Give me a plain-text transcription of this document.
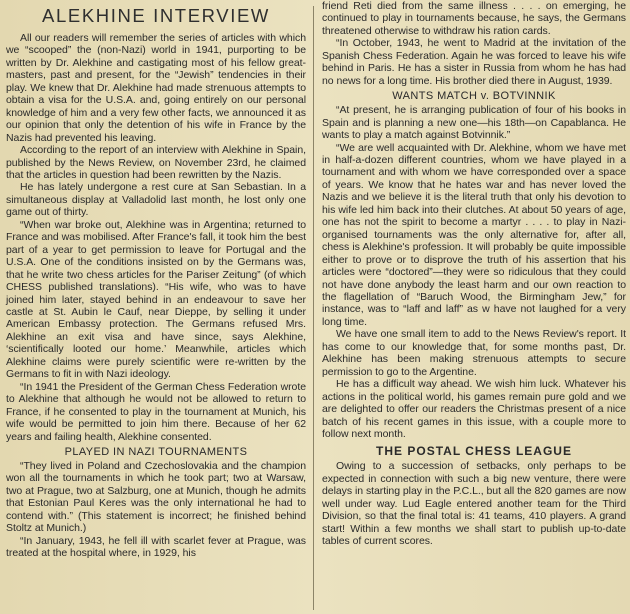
ALEKHINE INTERVIEW

All our readers will remember the series of articles with which we “scooped” the (non-Nazi) world in 1941, purporting to be written by Dr. Alekhine and castigating most of his fellow great-masters, past and present, for the “Jewish” tendencies in their play. We knew that Dr. Alekhine had made strenuous attempts to obtain a visa for the U.S.A. and, going entirely on our personal knowledge of him and a very few other facts, we announced it as our opinion that only the detention of his wife in France by the Nazis had prevented his leaving.

According to the report of an interview with Alekhine in Spain, published by the News Review, on November 23rd, he claimed that the articles in question had been rewritten by the Nazis.

He has lately undergone a rest cure at San Sebastian. In a simultaneous display at Valladolid last month, he lost only one game out of thirty.

“When war broke out, Alekhine was in Argentina; returned to France and was mobilised. After France's fall, it took him the best part of a year to get permission to leave for Portugal and the U.S.A. One of the conditions insisted on by the Germans was, that he write two chess articles for the Pariser Zeitung” (of which CHESS published translations). “His wife, who was to have joined him later, stayed behind in an endeavour to save her castle at St. Aubin le Cauf, near Dieppe, by selling it under American Embassy protection. The Germans refused Mrs. Alekhine an exit visa and have since, says Alekhine, ‘scientifically looted our home.’ Meanwhile, articles which Alekhine claims were purely scientific were re-written by the Germans to fit in with Nazi ideology.

“In 1941 the President of the German Chess Federation wrote to Alekhine that although he would not be allowed to return to France, if he consented to play in the tournament at Munich, his wife would be permitted to join him there. Because of her 62 years and failing health, Alekhine consented.

PLAYED IN NAZI TOURNAMENTS

“They lived in Poland and Czechoslovakia and the champion won all the tournaments in which he took part; two at Warsaw, two at Prague, two at Salzburg, one at Munich, though he admits that Estonian Paul Keres was the only international he had to contend with.” (This statement is incorrect; he finished behind Stoltz at Munich.)

“In January, 1943, he fell ill with scarlet fever at Prague, was treated at the hospital where, in 1929, his

friend Reti died from the same illness . . . . on emerging, he continued to play in tournaments because, he says, the Germans threatened otherwise to withdraw his ration cards.

“In October, 1943, he went to Madrid at the invitation of the Spanish Chess Federation. Again he was forced to leave his wife behind in Paris. He has a sister in Russia from whom he has had no news for a long time. His brother died there in August, 1939.

WANTS MATCH v. BOTVINNIK

“At present, he is arranging publication of four of his books in Spain and is planning a new one—his 18th—on Capablanca. He wants to play a match against Botvinnik.”

“We are well acquainted with Dr. Alekhine, whom we have met in half-a-dozen different countries, whom we have played in a tournament and with whom we have corresponded over a space of years. We know that he hates war and has never loved the Nazis and we believe it is the literal truth that only his devotion to his wife led him back into their clutches. At about 50 years of age, one has not the spirit to become a martyr . . . . to play in Nazi-organised tournaments was the only alternative for, after all, chess is Alekhine's profession. It will probably be quite impossible either to prove or to disprove the truth of his assertion that his articles were “doctored”—they were so ridiculous that they could not have done anybody the least harm and our own reaction to the flagellation of “Baruch Wood, the Birmingham Jew,” for instance, was to “laff and laff” as w have not laughed for a very long time.

We have one small item to add to the News Review's report. It has come to our knowledge that, for some months past, Dr. Alekhine has been making strenuous attempts to secure permission to go to the Argentine.

He has a difficult way ahead. We wish him luck. Whatever his actions in the political world, his games remain pure gold and we are delighted to offer our readers the Christmas present of a nice batch of his recent games in this issue, with a couple more to follow next month.

THE POSTAL CHESS LEAGUE

Owing to a succession of setbacks, only perhaps to be expected in connection with such a big new venture, there were delays in starting play in the P.C.L., but all the 820 games are now well under way. Lud Eagle entered another team for the Third Division, so that the final total is: 41 teams, 410 players. A grand start! Within a few months we shall start to publish up-to-date tables of current scores.
